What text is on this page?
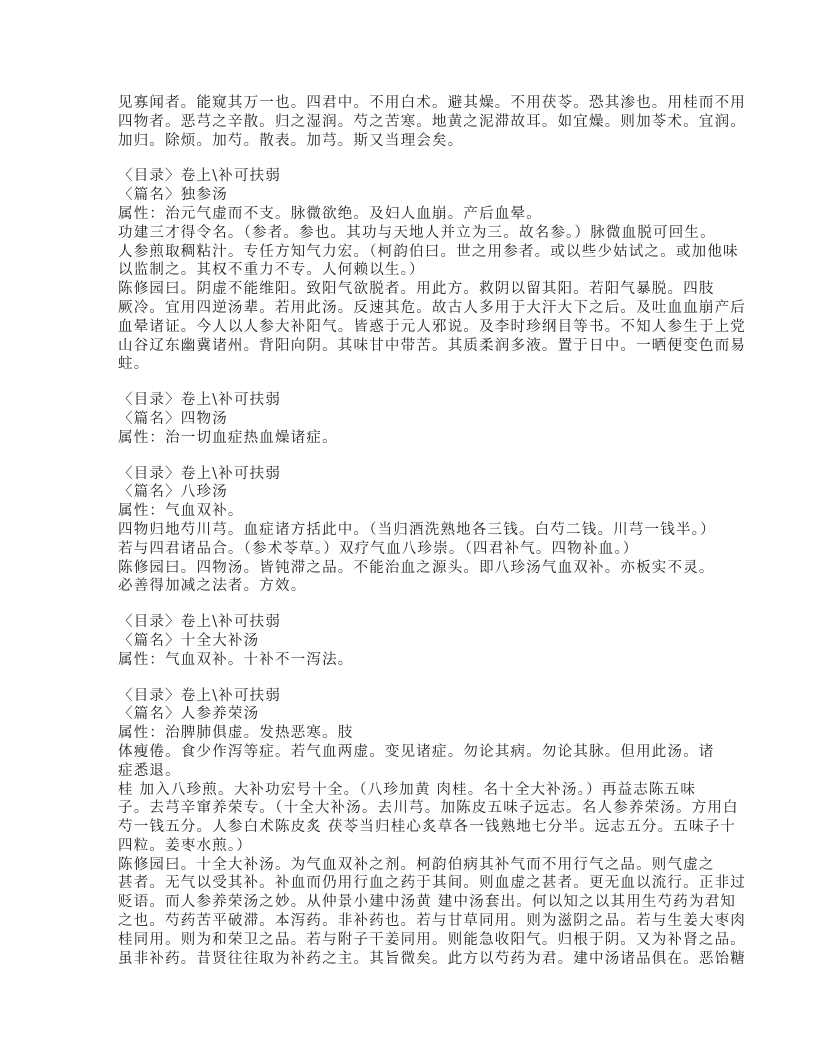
见寡闻者。能窥其万一也。四君中。不用白术。避其燥。不用茯苓。恐其渗也。用桂而不用
四物者。恶芎之辛散。归之湿润。芍之苦寒。地黄之泥滞故耳。如宜燥。则加苓术。宜润。
加归。除烦。加芍。散表。加芎。斯又当理会矣。
〈目录〉卷上\补可扶弱
〈篇名〉独参汤
属性：治元气虚而不支。脉微欲绝。及妇人血崩。产后血晕。
功建三才得令名。（参者。参也。其功与天地人并立为三。故名参。）脉微血脱可回生。
人参煎取稠粘汁。专任方知气力宏。（柯韵伯曰。世之用参者。或以些少姑试之。或加他味
以监制之。其权不重力不专。人何赖以生。）
陈修园曰。阴虚不能维阳。致阳气欲脱者。用此方。救阴以留其阳。若阳气暴脱。四肢
厥冷。宜用四逆汤辈。若用此汤。反速其危。故古人多用于大汗大下之后。及吐血血崩产后
血晕诸证。今人以人参大补阳气。皆惑于元人邪说。及李时珍纲目等书。不知人参生于上党
山谷辽东幽冀诸州。背阳向阴。其味甘中带苦。其质柔润多液。置于日中。一晒便变色而易
蛀。
〈目录〉卷上\补可扶弱
〈篇名〉四物汤
属性：治一切血症热血燥诸症。
〈目录〉卷上\补可扶弱
〈篇名〉八珍汤
属性：气血双补。
四物归地芍川芎。血症诸方括此中。（当归酒洗熟地各三钱。白芍二钱。川芎一钱半。）
若与四君诸品合。（参术苓草。）双疗气血八珍崇。（四君补气。四物补血。）
陈修园曰。四物汤。皆钝滞之品。不能治血之源头。即八珍汤气血双补。亦板实不灵。
必善得加减之法者。方效。
〈目录〉卷上\补可扶弱
〈篇名〉十全大补汤
属性：气血双补。十补不一泻法。
〈目录〉卷上\补可扶弱
〈篇名〉人参养荣汤
属性：治脾肺俱虚。发热恶寒。肢
体瘦倦。食少作泻等症。若气血两虚。变见诸症。勿论其病。勿论其脉。但用此汤。诸
症悉退。
桂 加入八珍煎。大补功宏号十全。（八珍加黄 肉桂。名十全大补汤。）再益志陈五味
子。去芎辛窜养荣专。（十全大补汤。去川芎。加陈皮五味子远志。名人参养荣汤。方用白
芍一钱五分。人参白术陈皮炙 茯苓当归桂心炙草各一钱熟地七分半。远志五分。五味子十
四粒。姜枣水煎。）
陈修园曰。十全大补汤。为气血双补之剂。柯韵伯病其补气而不用行气之品。则气虚之
甚者。无气以受其补。补血而仍用行血之药于其间。则血虚之甚者。更无血以流行。正非过
贬语。而人参养荣汤之妙。从仲景小建中汤黄 建中汤套出。何以知之以其用生芍药为君知
之也。芍药苦平破滞。本泻药。非补药也。若与甘草同用。则为滋阴之品。若与生姜大枣肉
桂同用。则为和荣卫之品。若与附子干姜同用。则能急收阳气。归根于阴。又为补肾之品。
虽非补药。昔贤往往取为补药之主。其旨微矣。此方以芍药为君。建中汤诸品俱在。恶饴糖
